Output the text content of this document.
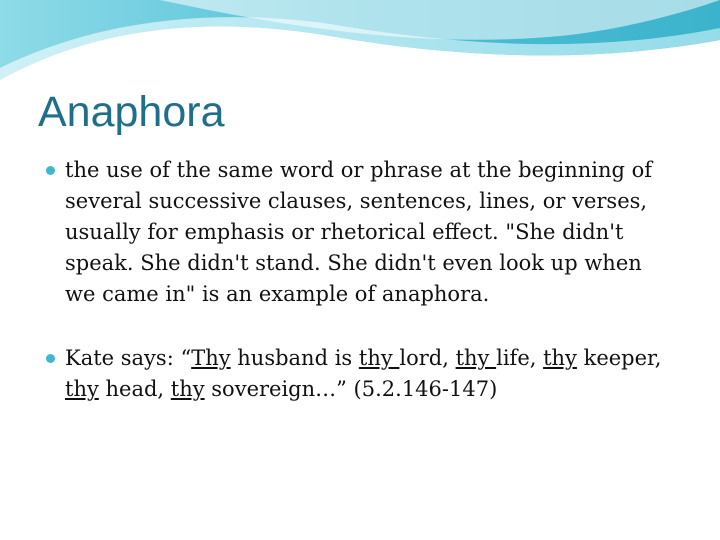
Anaphora
the use of the same word or phrase at the beginning of several successive clauses, sentences, lines, or verses, usually for emphasis or rhetorical effect. "She didn't speak. She didn't stand. She didn't even look up when we came in" is an example of anaphora.
Kate says: “Thy husband is thy lord, thy life, thy keeper, thy head, thy sovereign…” (5.2.146-147)
